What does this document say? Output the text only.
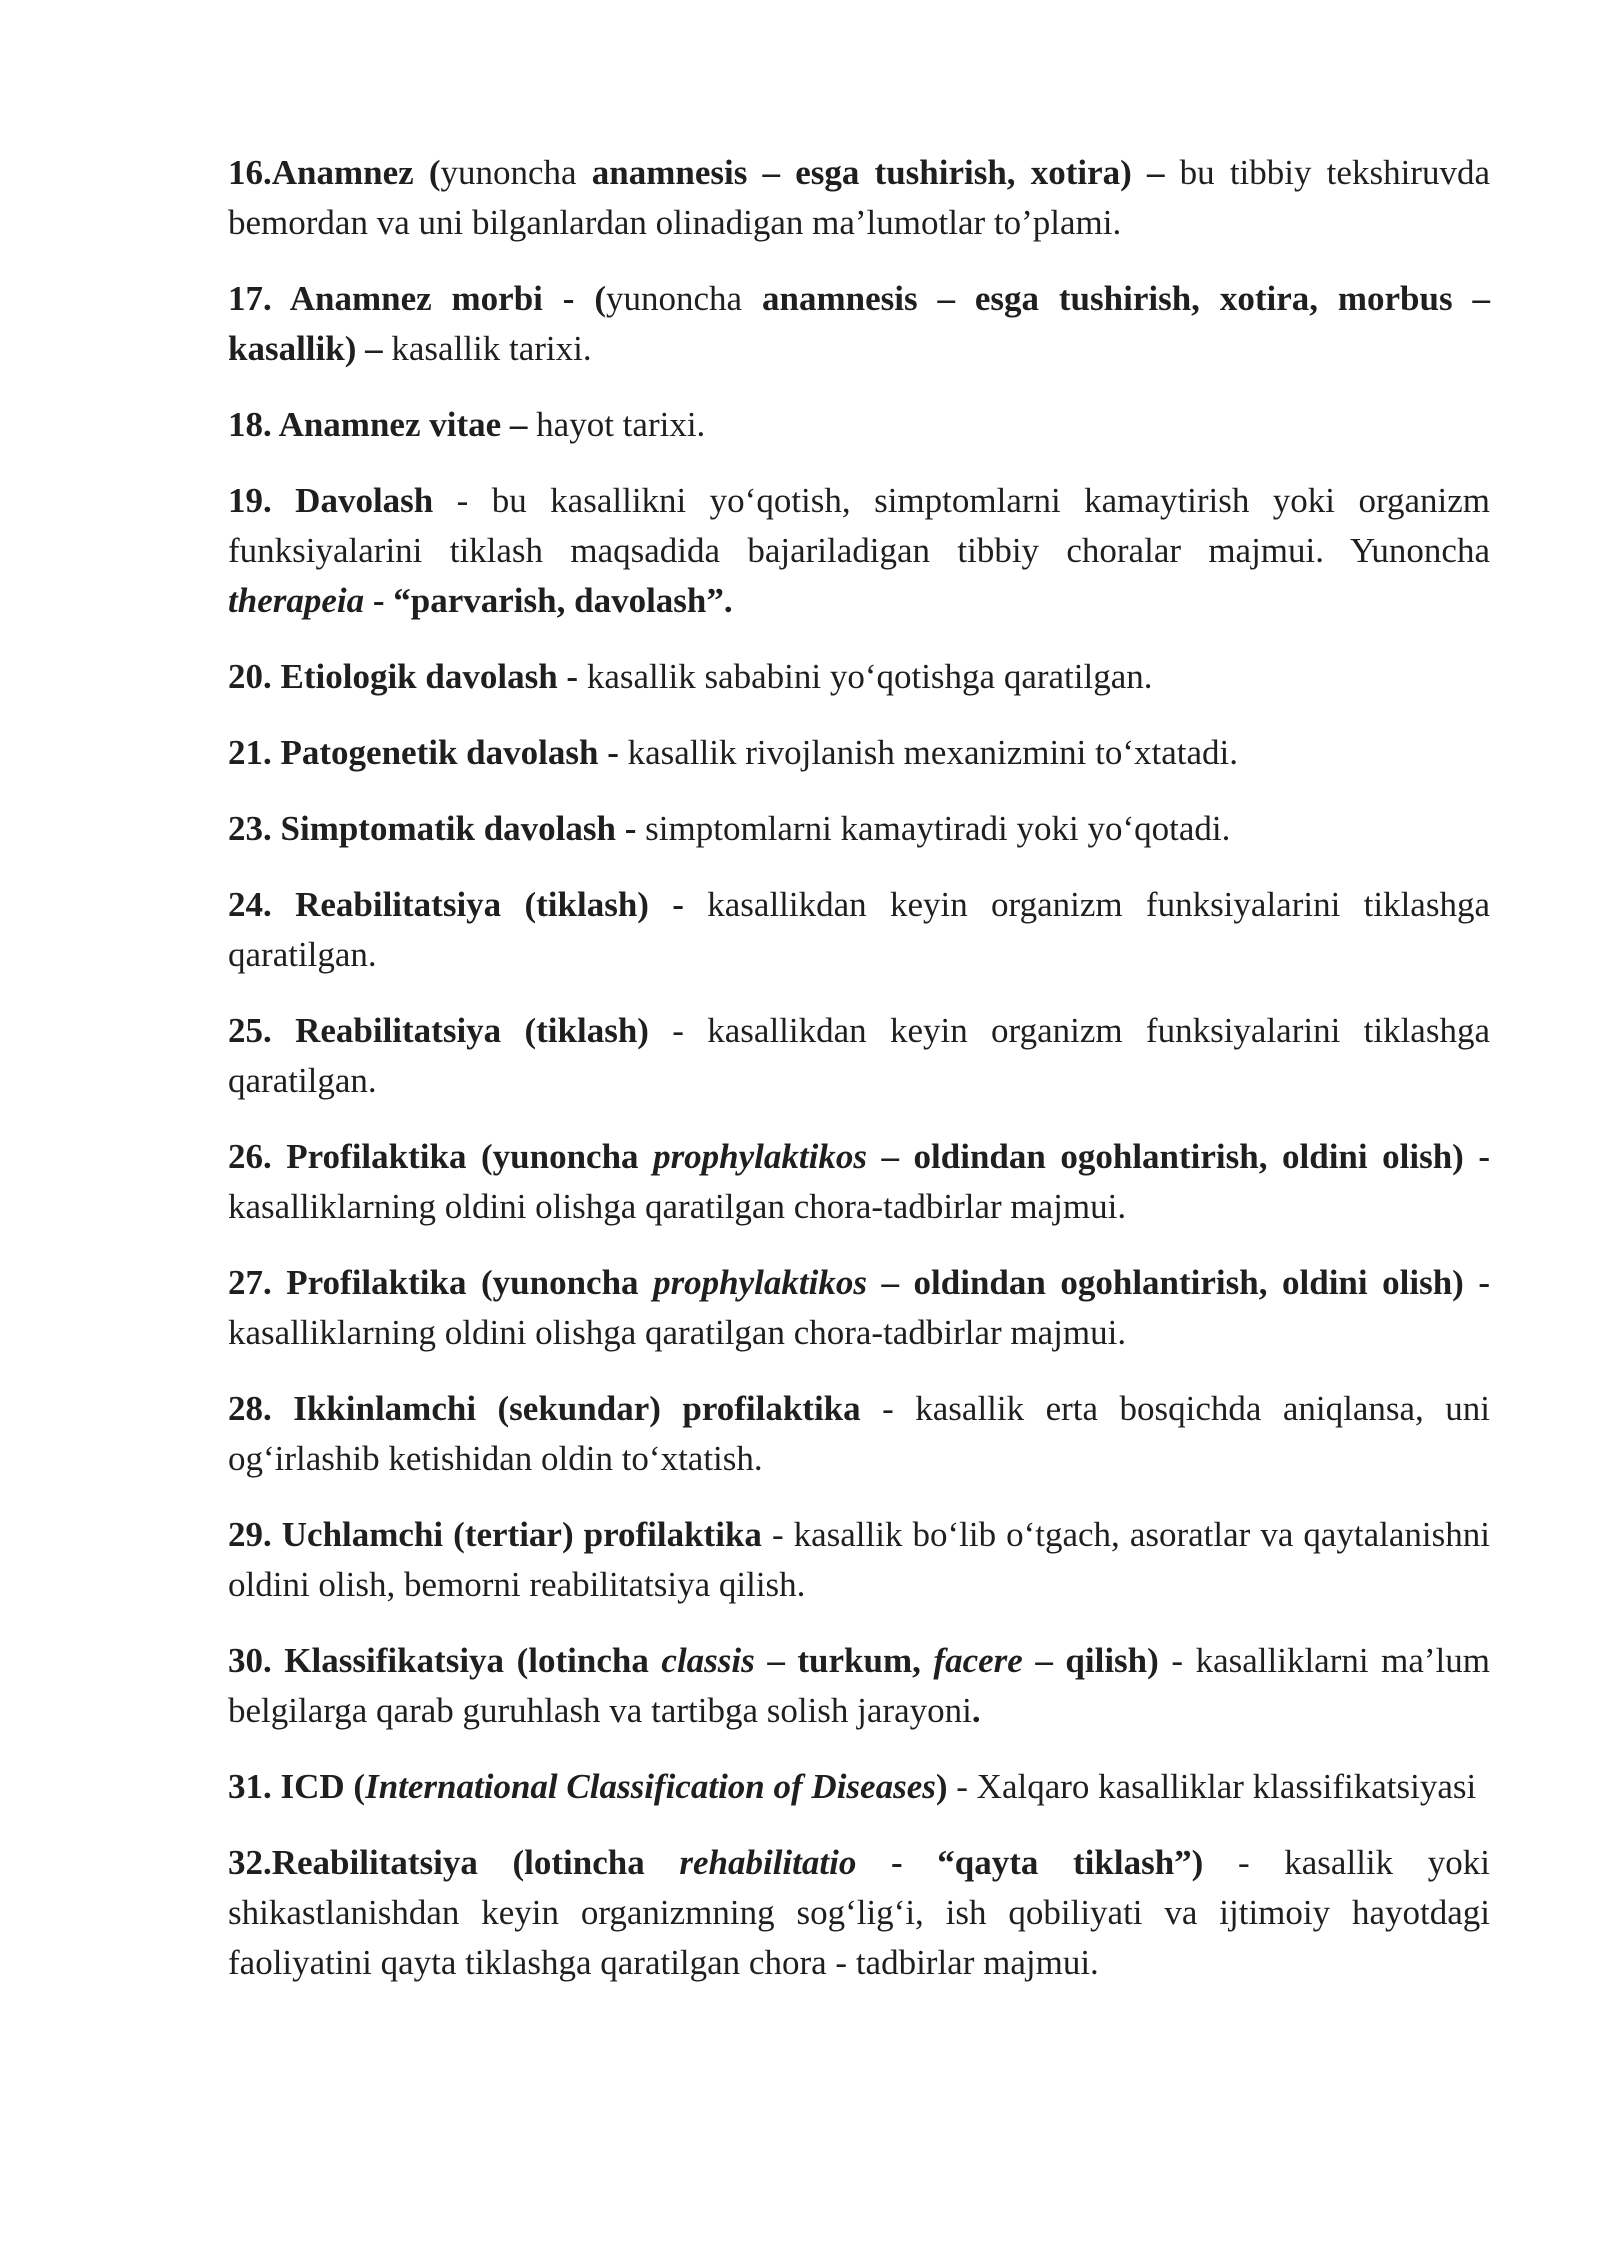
16.Anamnez (yunoncha anamnesis – esga tushirish, xotira) – bu tibbiy tekshiruvda bemordan va uni bilganlardan olinadigan ma’lumotlar to’plami.

17. Anamnez morbi - (yunoncha anamnesis – esga tushirish, xotira, morbus – kasallik) – kasallik tarixi.

18. Anamnez vitae – hayot tarixi.

19. Davolash - bu kasallikni yo‘qotish, simptomlarni kamaytirish yoki organizm funksiyalarini tiklash maqsadida bajariladigan tibbiy choralar majmui. Yunoncha therapeia - “parvarish, davolash”.

20. Etiologik davolash - kasallik sababini yo‘qotishga qaratilgan.

21. Patogenetik davolash - kasallik rivojlanish mexanizmini to‘xtatadi.

23. Simptomatik davolash - simptomlarni kamaytiradi yoki yo‘qotadi.

24. Reabilitatsiya (tiklash) - kasallikdan keyin organizm funksiyalarini tiklashga qaratilgan.

25. Reabilitatsiya (tiklash) - kasallikdan keyin organizm funksiyalarini tiklashga qaratilgan.

26. Profilaktika (yunoncha prophylaktikos – oldindan ogohlantirish, oldini olish) - kasalliklarning oldini olishga qaratilgan chora-tadbirlar majmui.

27. Profilaktika (yunoncha prophylaktikos – oldindan ogohlantirish, oldini olish) - kasalliklarning oldini olishga qaratilgan chora-tadbirlar majmui.

28. Ikkinlamchi (sekundar) profilaktika - kasallik erta bosqichda aniqlansa, uni og‘irlashib ketishidan oldin to‘xtatish.

29. Uchlamchi (tertiar) profilaktika - kasallik bo‘lib o‘tgach, asoratlar va qaytalanishni oldini olish, bemorni reabilitatsiya qilish.

30. Klassifikatsiya (lotincha classis – turkum, facere – qilish) - kasalliklarni ma’lum belgilarga qarab guruhlash va tartibga solish jarayoni.

31. ICD (International Classification of Diseases) - Xalqaro kasalliklar klassifikatsiyasi

32.Reabilitatsiya (lotincha rehabilitatio - “qayta tiklash”) - kasallik yoki shikastlanishdan keyin organizmning sog‘lig‘i, ish qobiliyati va ijtimoiy hayotdagi faoliyatini qayta tiklashga qaratilgan chora - tadbirlar majmui.
